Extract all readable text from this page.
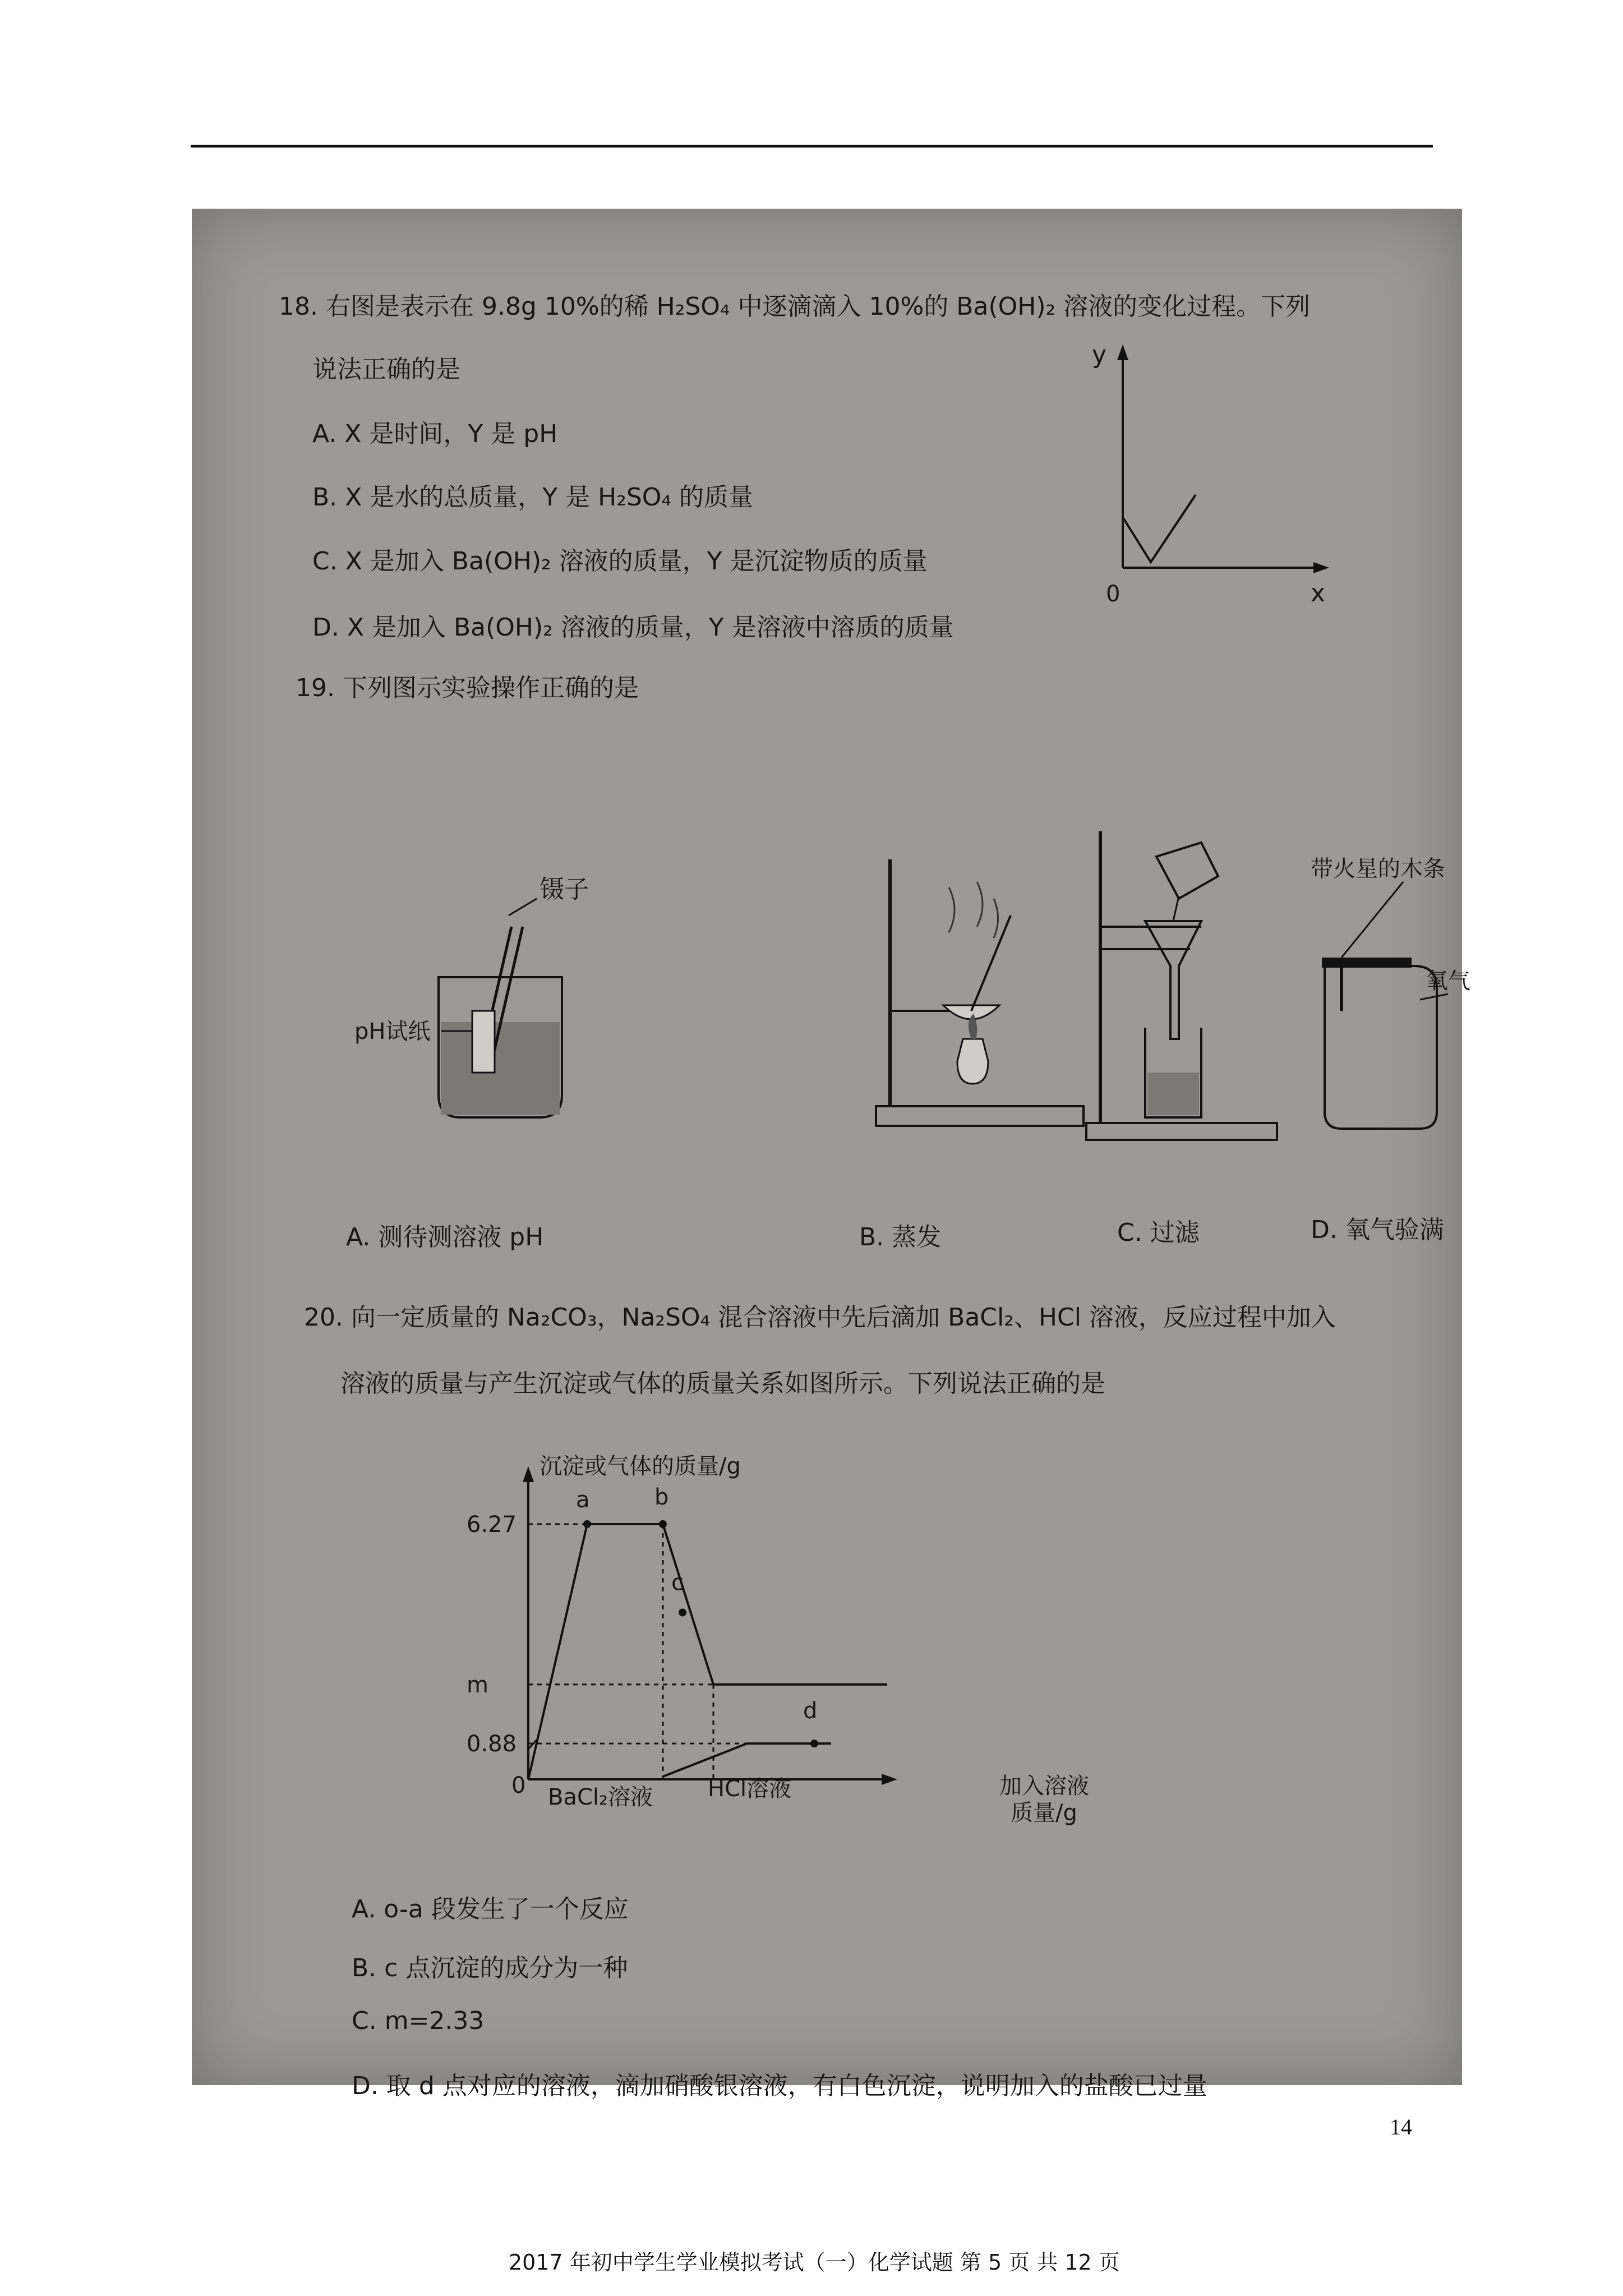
18. 右图是表示在 9.8g 10%的稀 H₂SO₄ 中逐滴滴入 10%的 Ba(OH)₂ 溶液的变化过程。下列
说法正确的是
A. X 是时间，Y 是 pH
B. X 是水的总质量，Y 是 H₂SO₄ 的质量
C. X 是加入 Ba(OH)₂ 溶液的质量，Y 是沉淀物质的质量
D. X 是加入 Ba(OH)₂ 溶液的质量，Y 是溶液中溶质的质量
y
x
0
19. 下列图示实验操作正确的是
镊子
pH试纸
带火星的木条
氧气
A. 测待测溶液 pH	B. 蒸发	C. 过滤	D. 氧气验满
20. 向一定质量的 Na₂CO₃，Na₂SO₄ 混合溶液中先后滴加 BaCl₂、HCl 溶液，反应过程中加入
溶液的质量与产生沉淀或气体的质量关系如图所示。下列说法正确的是
沉淀或气体的质量/g
加入溶液质量/g
6.27
m
0.88
0
a	b
c
d
BaCl₂溶液 HCl溶液
A. o-a 段发生了一个反应
B. c 点沉淀的成分为一种
C. m=2.33
D. 取 d 点对应的溶液，滴加硝酸银溶液，有白色沉淀，说明加入的盐酸已过量
2017 年初中学生学业模拟考试（一）化学试题 第 5 页 共 12 页
14
